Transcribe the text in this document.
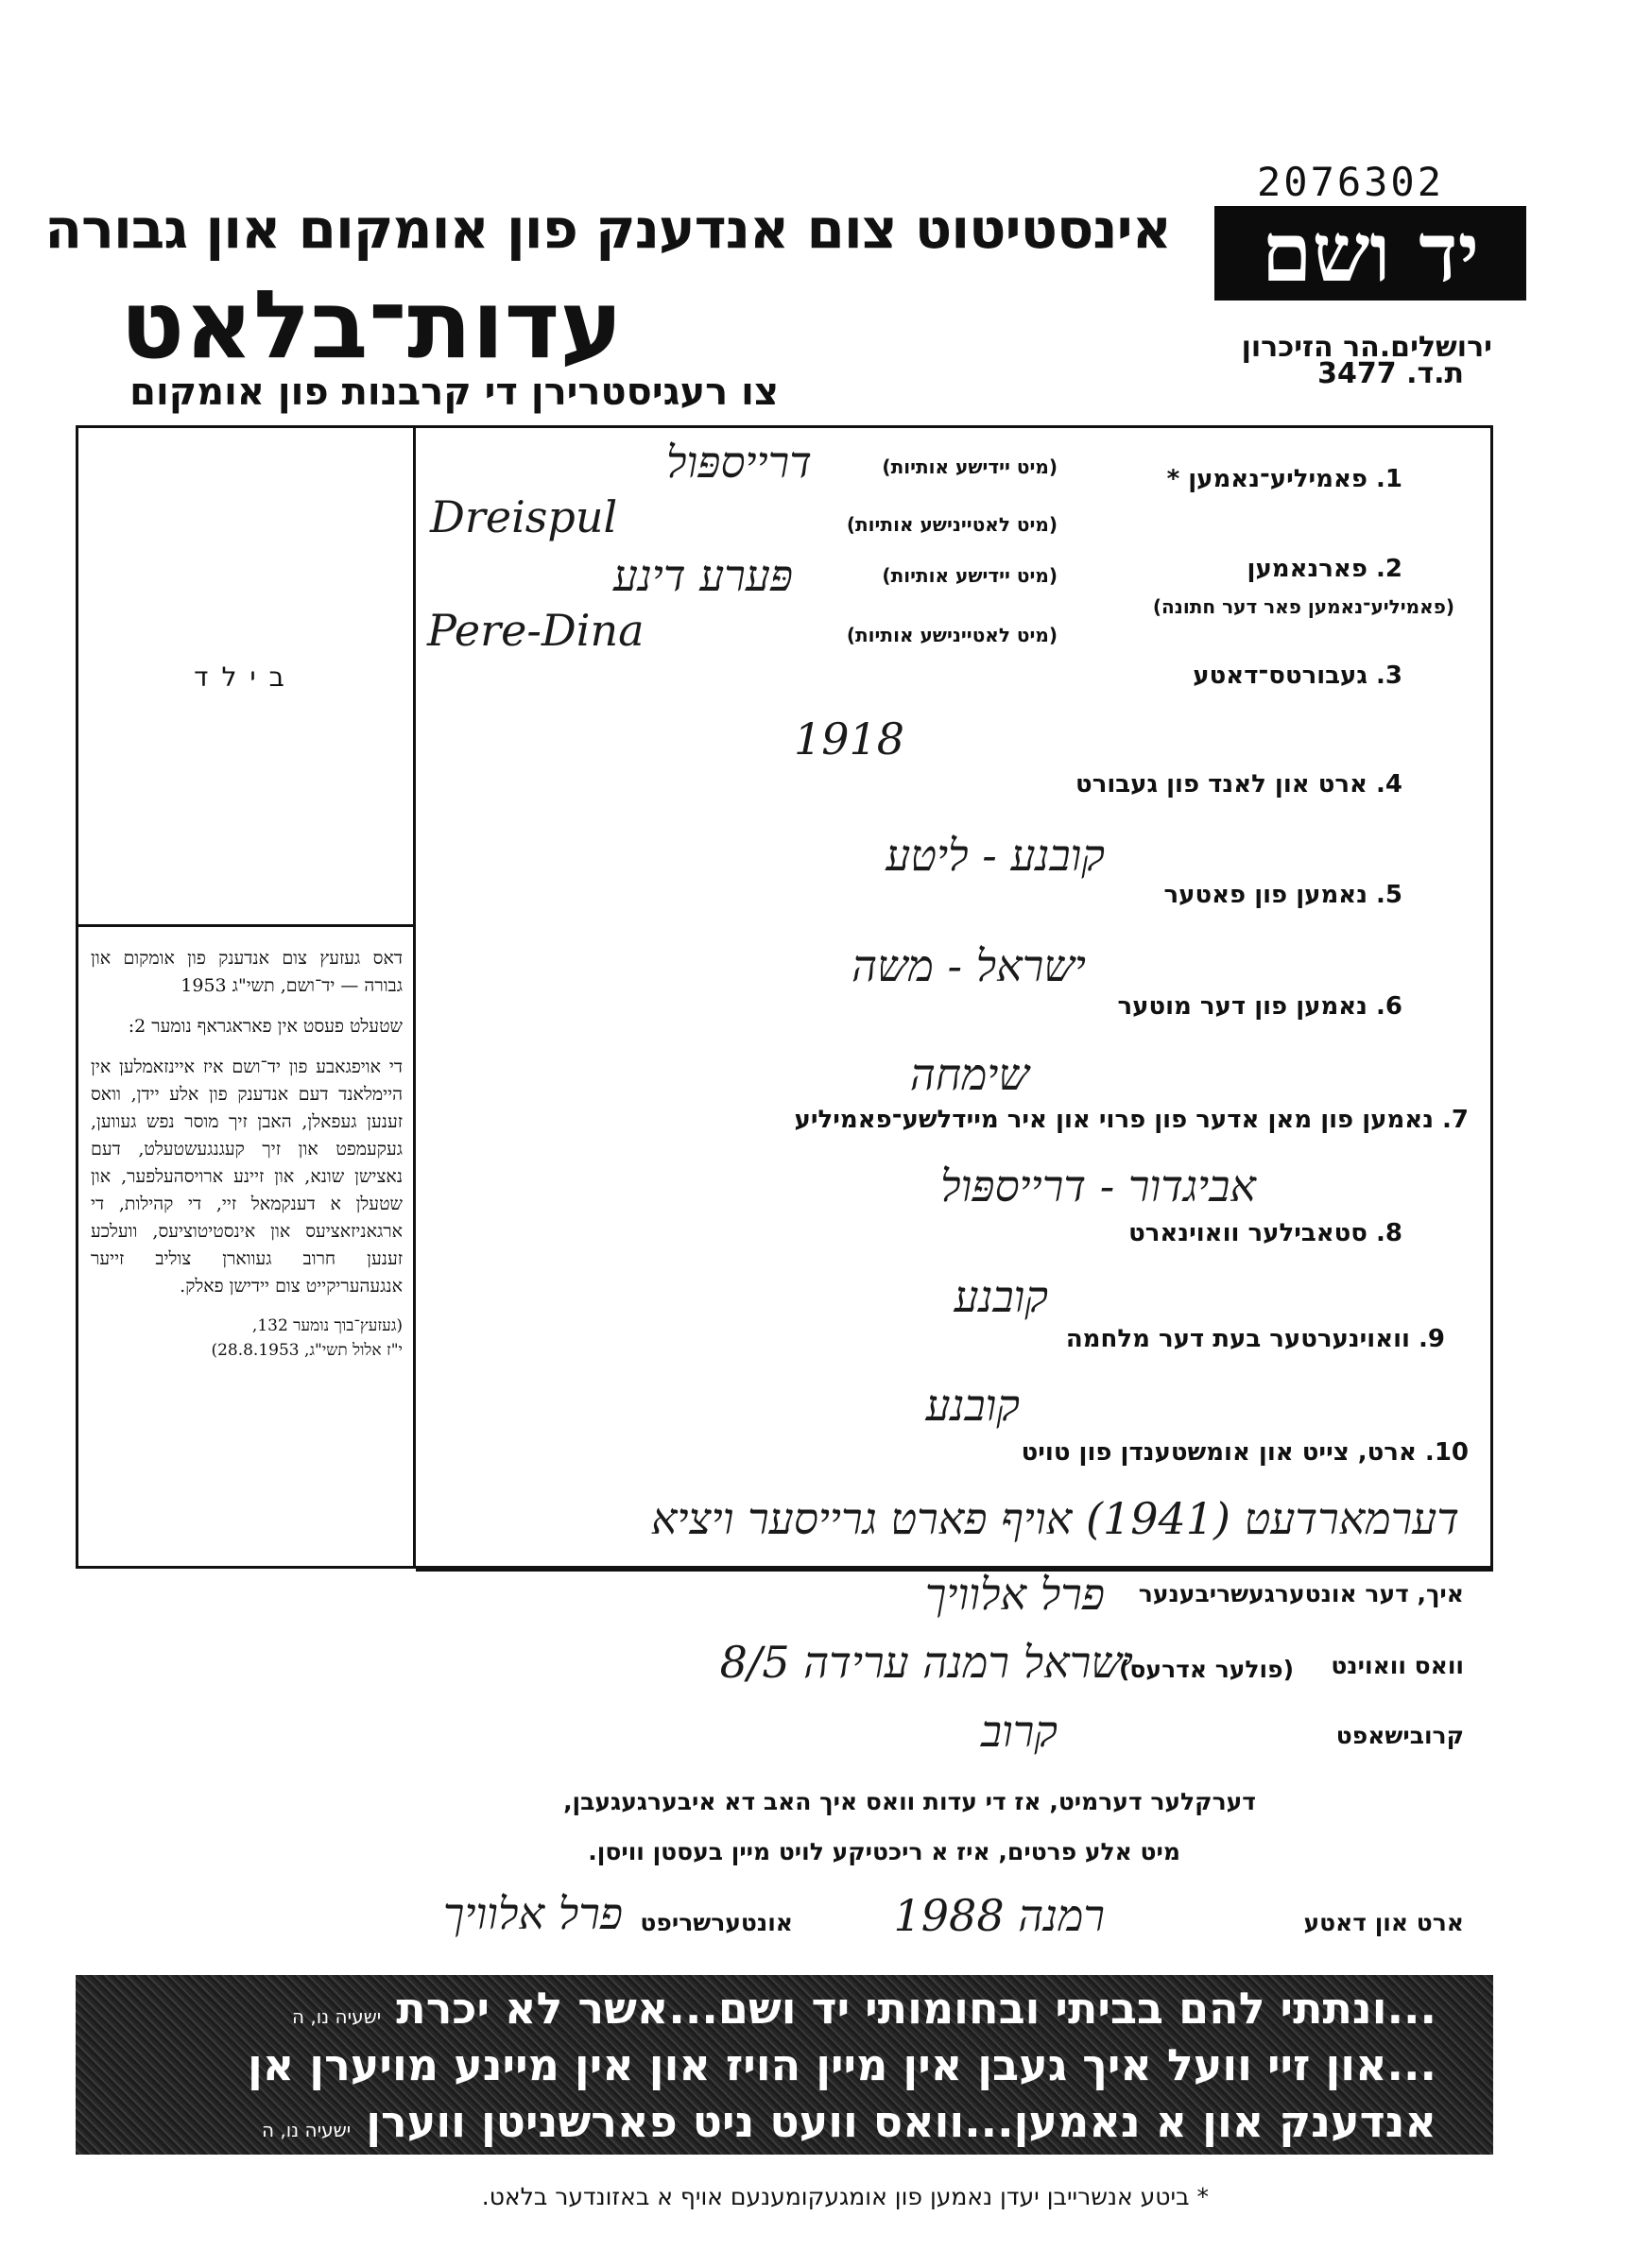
2076302
יד ושם
אינסטיטוט צום אנדענק פון אומקום און גבורה
עדות־בלאט
צו רעגיסטרירן די קרבנות פון אומקום
ירושלים.הר הזיכרון
ת.ד. 3477
בילד

דאס געזעץ צום אנדענק פון אומקום און גבורה — יד־ושם, תשי"ג 1953

שטעלט פעסט אין פאראגראף נומער 2:

די אויפגאבע פון יד־ושם איז איינזאמלען אין היימלאנד דעם אנדענק פון אלע יידן, וואס זענען געפאלן, האבן זיך מוסר נפש געווען, געקעמפט און זיך קעגנגעשטעלט, דעם נאצישן שונא, און זיינע ארויסהעלפער, און שטעלן א דענקמאל זיי, די קהילות, די ארגאניזאציעס און אינסטיטוציעס, וועלכע זענען חרוב געווארן צוליב זייער אנגעהעריקייט צום יידישן פאלק.

(געזעץ־בוך נומער 132,
י"ז אלול תשי"ג, 28.8.1953)
1. פאמיליע־נאמען *
(מיט יידישע אותיות)
דרייספּול
(מיט לאטיינישע אותיות)
Dreispul
2. פארנאמען
(מיט יידישע אותיות)
פּערע דינע
(פאמיליע־נאמען פאר דער חתונה)
(מיט לאטיינישע אותיות)
Pere-Dina
3. געבורטס־דאטע
1918
4. ארט און לאנד פון געבורט
קובנע - ליטע
5. נאמען פון פאטער
ישראל - משה
6. נאמען פון דער מוטער
שימחה
7. נאמען פון מאן אדער פון פרוי און איר מיידלשע־פאמיליע
אביגדור - דרייספּול
8. סטאבילער וואוינארט
קובנע
9. וואוינערטער בעת דער מלחמה
קובנע
10. ארט, צייט און אומשטענדן פון טויט
דערמארדעט (1941) אויף פארט גרייסער ויציא
איך, דער אונטערגעשריבענער
פרל אלוויך
וואס וואוינט
(פולער אדרעס)
ישראל רמנה ערידה 8/5
קרובישאפט
קרוב
דערקלער דערמיט, אז די עדות וואס איך האב דא איבערגעגעבן,
מיט אלע פרטים, איז א ריכטיקע לויט מיין בעסטן וויסן.
ארט און דאטע
רמנה 1988
אונטערשריפט
פרל אלוויך
...ונתתי להם בביתי ובחומותי יד ושם...אשר לא יכרת ישעיה נו, ה
...און זיי וועל איך געבן אין מיין הויז און אין מיינע מויערן אן
אנדענק און א נאמען...וואס וועט ניט פארשניטן ווערן ישעיה נו, ה
* ביטע אנשרייבן יעדן נאמען פון אומגעקומענעם אויף א באזונדער בלאט.
